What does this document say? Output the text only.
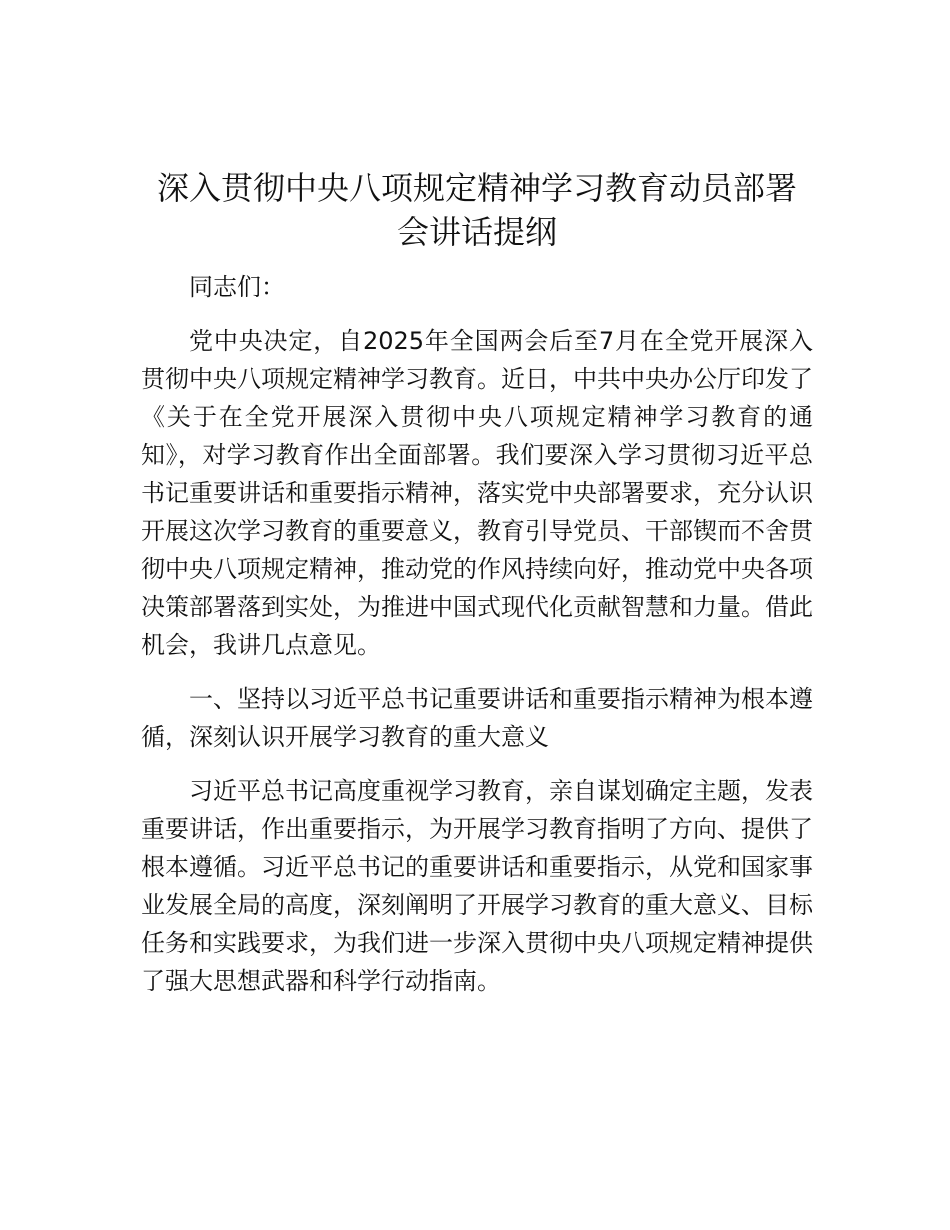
深入贯彻中央八项规定精神学习教育动员部署
会讲话提纲

同志们：

党中央决定，自2025年全国两会后至7月在全党开展深入贯彻中央八项规定精神学习教育。近日，中共中央办公厅印发了《关于在全党开展深入贯彻中央八项规定精神学习教育的通知》，对学习教育作出全面部署。我们要深入学习贯彻习近平总书记重要讲话和重要指示精神，落实党中央部署要求，充分认识开展这次学习教育的重要意义，教育引导党员、干部锲而不舍贯彻中央八项规定精神，推动党的作风持续向好，推动党中央各项决策部署落到实处，为推进中国式现代化贡献智慧和力量。借此机会，我讲几点意见。

一、坚持以习近平总书记重要讲话和重要指示精神为根本遵循，深刻认识开展学习教育的重大意义

习近平总书记高度重视学习教育，亲自谋划确定主题，发表重要讲话，作出重要指示，为开展学习教育指明了方向、提供了根本遵循。习近平总书记的重要讲话和重要指示，从党和国家事业发展全局的高度，深刻阐明了开展学习教育的重大意义、目标任务和实践要求，为我们进一步深入贯彻中央八项规定精神提供了强大思想武器和科学行动指南。
